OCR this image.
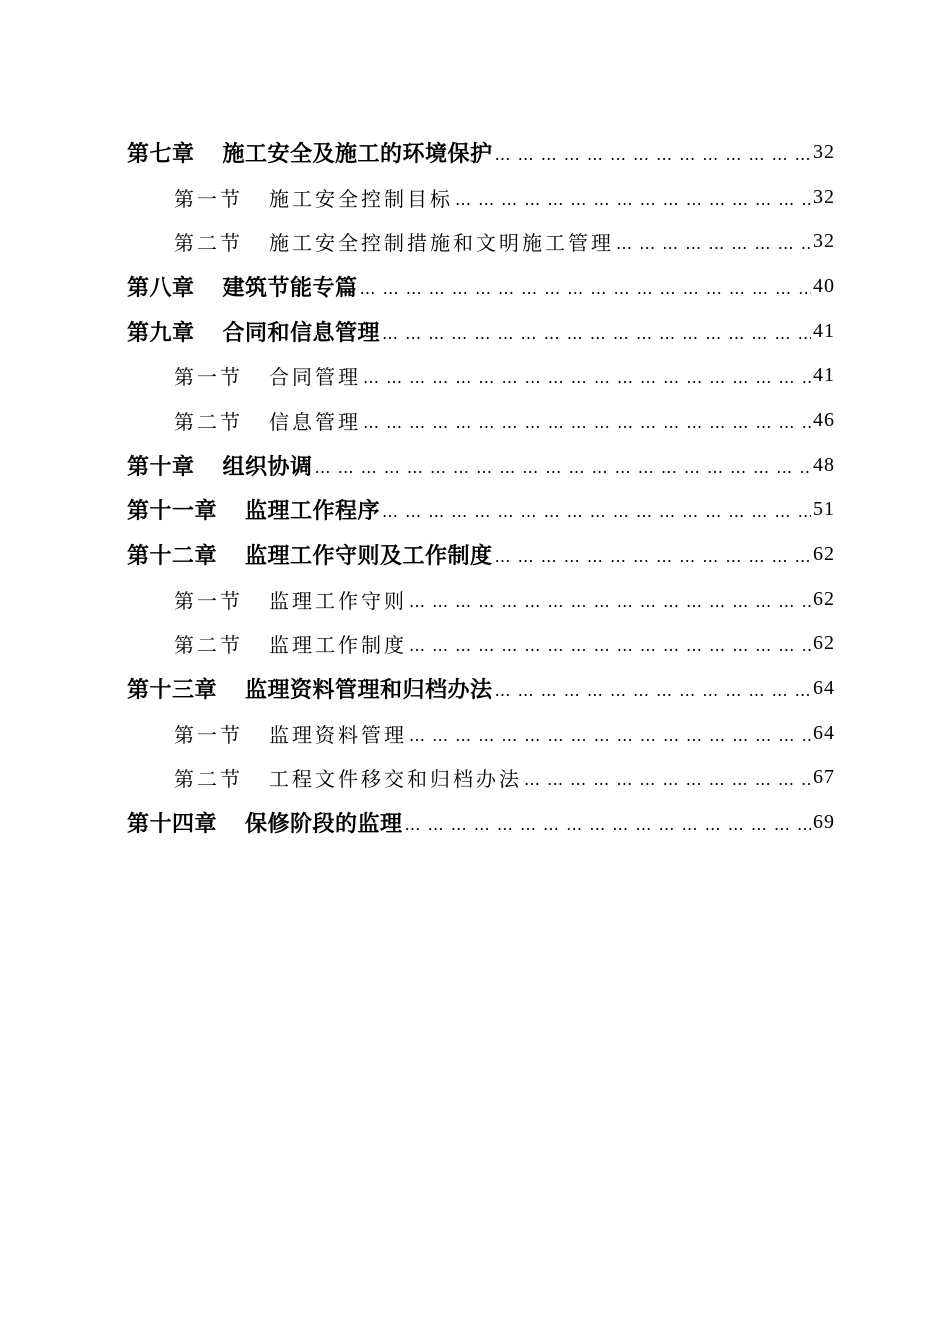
第七章 施工安全及施工的环境保护 … … … … … … … … … … … … … … … … … … … … … … … … … … … … … … … … … … … … … … … … …	32
第一节 施工安全控制目标 … … … … … … … … … … … … … … … … … … … … … … … … … … … … … … … … … … … … … … … … …	32
第二节 施工安全控制措施和文明施工管理 … … … … … … … … … … … … … … … … … … … … … … … … … … … … … … … … … … … … … … … … …	32
第八章 建筑节能专篇 … … … … … … … … … … … … … … … … … … … … … … … … … … … … … … … … … … … … … … … … …	40
第九章 合同和信息管理 … … … … … … … … … … … … … … … … … … … … … … … … … … … … … … … … … … … … … … … … …	41
第一节 合同管理 … … … … … … … … … … … … … … … … … … … … … … … … … … … … … … … … … … … … … … … … …	41
第二节 信息管理 … … … … … … … … … … … … … … … … … … … … … … … … … … … … … … … … … … … … … … … … …	46
第十章 组织协调 … … … … … … … … … … … … … … … … … … … … … … … … … … … … … … … … … … … … … … … … …	48
第十一章 监理工作程序 … … … … … … … … … … … … … … … … … … … … … … … … … … … … … … … … … … … … … … … … …	51
第十二章 监理工作守则及工作制度 … … … … … … … … … … … … … … … … … … … … … … … … … … … … … … … … … … … … … … … … …	62
第一节 监理工作守则 … … … … … … … … … … … … … … … … … … … … … … … … … … … … … … … … … … … … … … … … …	62
第二节 监理工作制度 … … … … … … … … … … … … … … … … … … … … … … … … … … … … … … … … … … … … … … … … …	62
第十三章 监理资料管理和归档办法 … … … … … … … … … … … … … … … … … … … … … … … … … … … … … … … … … … … … … … … … …	64
第一节 监理资料管理 … … … … … … … … … … … … … … … … … … … … … … … … … … … … … … … … … … … … … … … … …	64
第二节 工程文件移交和归档办法 … … … … … … … … … … … … … … … … … … … … … … … … … … … … … … … … … … … … … … … … …	67
第十四章 保修阶段的监理 … … … … … … … … … … … … … … … … … … … … … … … … … … … … … … … … … … … … … … … … …	69
